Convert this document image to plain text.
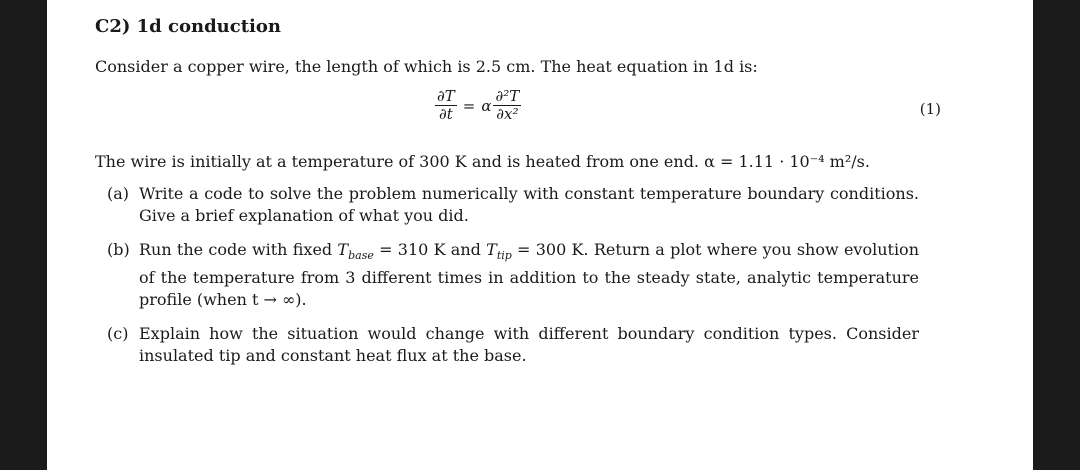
C2) 1d conduction
Consider a copper wire, the length of which is 2.5 cm. The heat equation in 1d is:
$\frac{\partial T}{\partial t} = \alpha \frac{\text{∂²T}}{\text{∂x²}}$	(1)
The wire is initially at a temperature of 300 K and is heated from one end. α = 1.11 · 10⁻⁴ m²/s.
(a) Write a code to solve the problem numerically with constant temperature boundary conditions. Give a brief explanation of what you did.
(b) Run the code with fixed $T_{base} = 310$ K and $T_{tip} = 300$ K. Return a plot where you show evolution of the temperature from 3 different times in addition to the steady state, analytic temperature profile (when t → ∞).
(c) Explain how the situation would change with different boundary condition types. Consider insulated tip and constant heat flux at the base.
